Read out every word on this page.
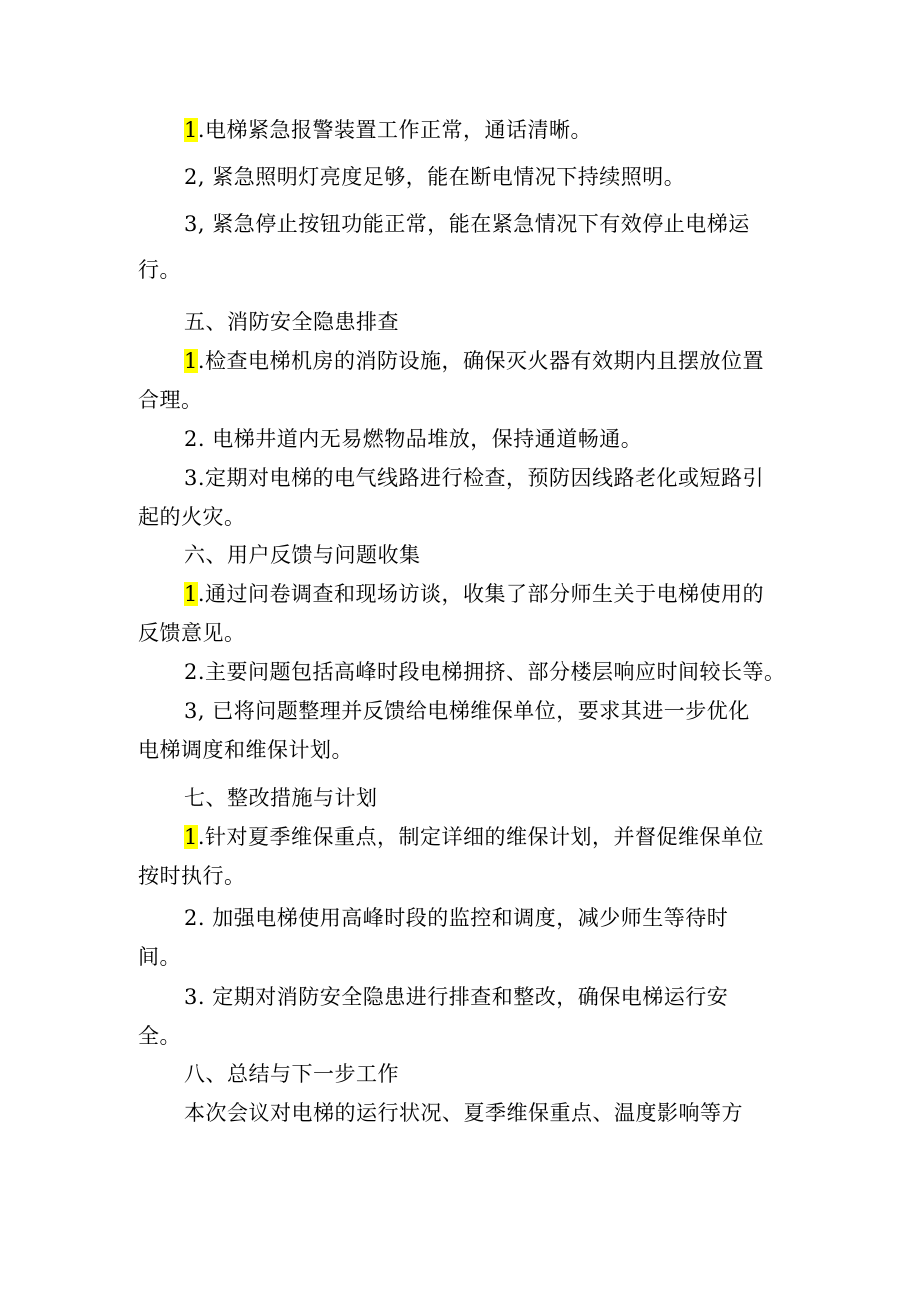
1.电梯紧急报警装置工作正常，通话清晰。
2, 紧急照明灯亮度足够，能在断电情况下持续照明。
3, 紧急停止按钮功能正常，能在紧急情况下有效停止电梯运
行。
五、消防安全隐患排查
1.检查电梯机房的消防设施，确保灭火器有效期内且摆放位置
合理。
2. 电梯井道内无易燃物品堆放，保持通道畅通。
3.定期对电梯的电气线路进行检查，预防因线路老化或短路引
起的火灾。
六、用户反馈与问题收集
1.通过问卷调查和现场访谈，收集了部分师生关于电梯使用的
反馈意见。
2.主要问题包括高峰时段电梯拥挤、部分楼层响应时间较长等。
3, 已将问题整理并反馈给电梯维保单位，要求其进一步优化
电梯调度和维保计划。
七、整改措施与计划
1.针对夏季维保重点，制定详细的维保计划，并督促维保单位
按时执行。
2. 加强电梯使用高峰时段的监控和调度，减少师生等待时
间。
3. 定期对消防安全隐患进行排查和整改，确保电梯运行安
全。
八、总结与下一步工作
本次会议对电梯的运行状况、夏季维保重点、温度影响等方
